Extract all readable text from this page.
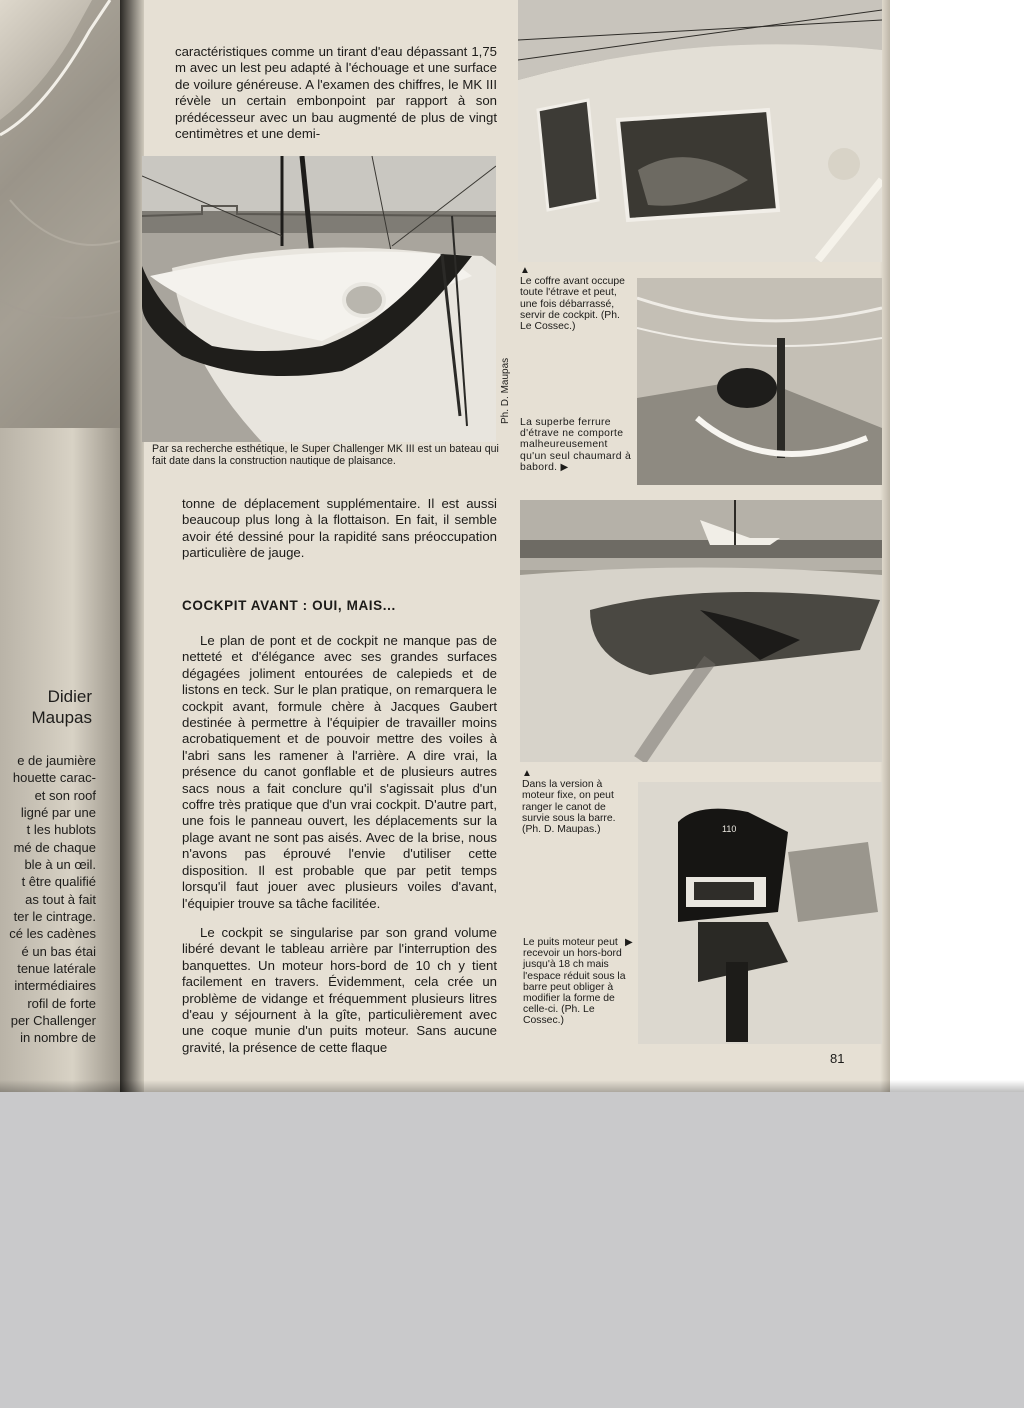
Didier
Maupas
e de jaumière
houette carac-
et son roof
ligné par une
t les hublots
mé de chaque
ble à un œil.
t être qualifié
as tout à fait
ter le cintrage.
cé les cadènes
é un bas étai
tenue latérale
intermédiaires
rofil de forte
per Challenger
in nombre de
caractéristiques comme un tirant d'eau dépassant 1,75 m avec un lest peu adapté à l'échouage et une surface de voilure généreuse. A l'examen des chiffres, le MK III révèle un certain embonpoint par rapport à son prédécesseur avec un bau augmenté de plus de vingt centimètres et une demi-
Ph. D. Maupas
Par sa recherche esthétique, le Super Challenger MK III est un bateau qui fait date dans la construction nautique de plaisance.
tonne de déplacement supplémentaire. Il est aussi beaucoup plus long à la flottaison. En fait, il semble avoir été dessiné pour la rapidité sans préoccupation particulière de jauge.
COCKPIT AVANT : OUI, MAIS...

Le plan de pont et de cockpit ne manque pas de netteté et d'élégance avec ses grandes surfaces dégagées joliment entourées de calepieds et de listons en teck. Sur le plan pratique, on remarquera le cockpit avant, formule chère à Jacques Gaubert destinée à permettre à l'équipier de travailler moins acrobatiquement et de pouvoir mettre des voiles à l'abri sans les ramener à l'arrière. A dire vrai, la présence du canot gonflable et de plusieurs autres sacs nous a fait conclure qu'il s'agissait plus d'un coffre très pratique que d'un vrai cockpit. D'autre part, une fois le panneau ouvert, les déplacements sur la plage avant ne sont pas aisés. Avec de la brise, nous n'avons pas éprouvé l'envie d'utiliser cette disposition. Il est probable que par petit temps lorsqu'il faut jouer avec plusieurs voiles d'avant, l'équipier trouve sa tâche facilitée.

Le cockpit se singularise par son grand volume libéré devant le tableau arrière par l'interruption des banquettes. Un moteur hors-bord de 10 ch y tient facilement en travers. Évidemment, cela crée un problème de vidange et fréquemment plusieurs litres d'eau y séjournent à la gîte, particulièrement avec une coque munie d'un puits moteur. Sans aucune gravité, la présence de cette flaque

▲
Le coffre avant occupe toute l'étrave et peut, une fois débarrassé, servir de cockpit. (Ph. Le Cossec.)
La superbe ferrure d'étrave ne comporte malheureusement qu'un seul chaumard à babord. ▶
▲
Dans la version à moteur fixe, on peut ranger le canot de survie sous la barre. (Ph. D. Maupas.)	110
Le puits moteur peut recevoir un hors-bord jusqu'à 18 ch mais l'espace réduit sous la barre peut obliger à modifier la forme de celle-ci. (Ph. Le Cossec.)
▶
81
